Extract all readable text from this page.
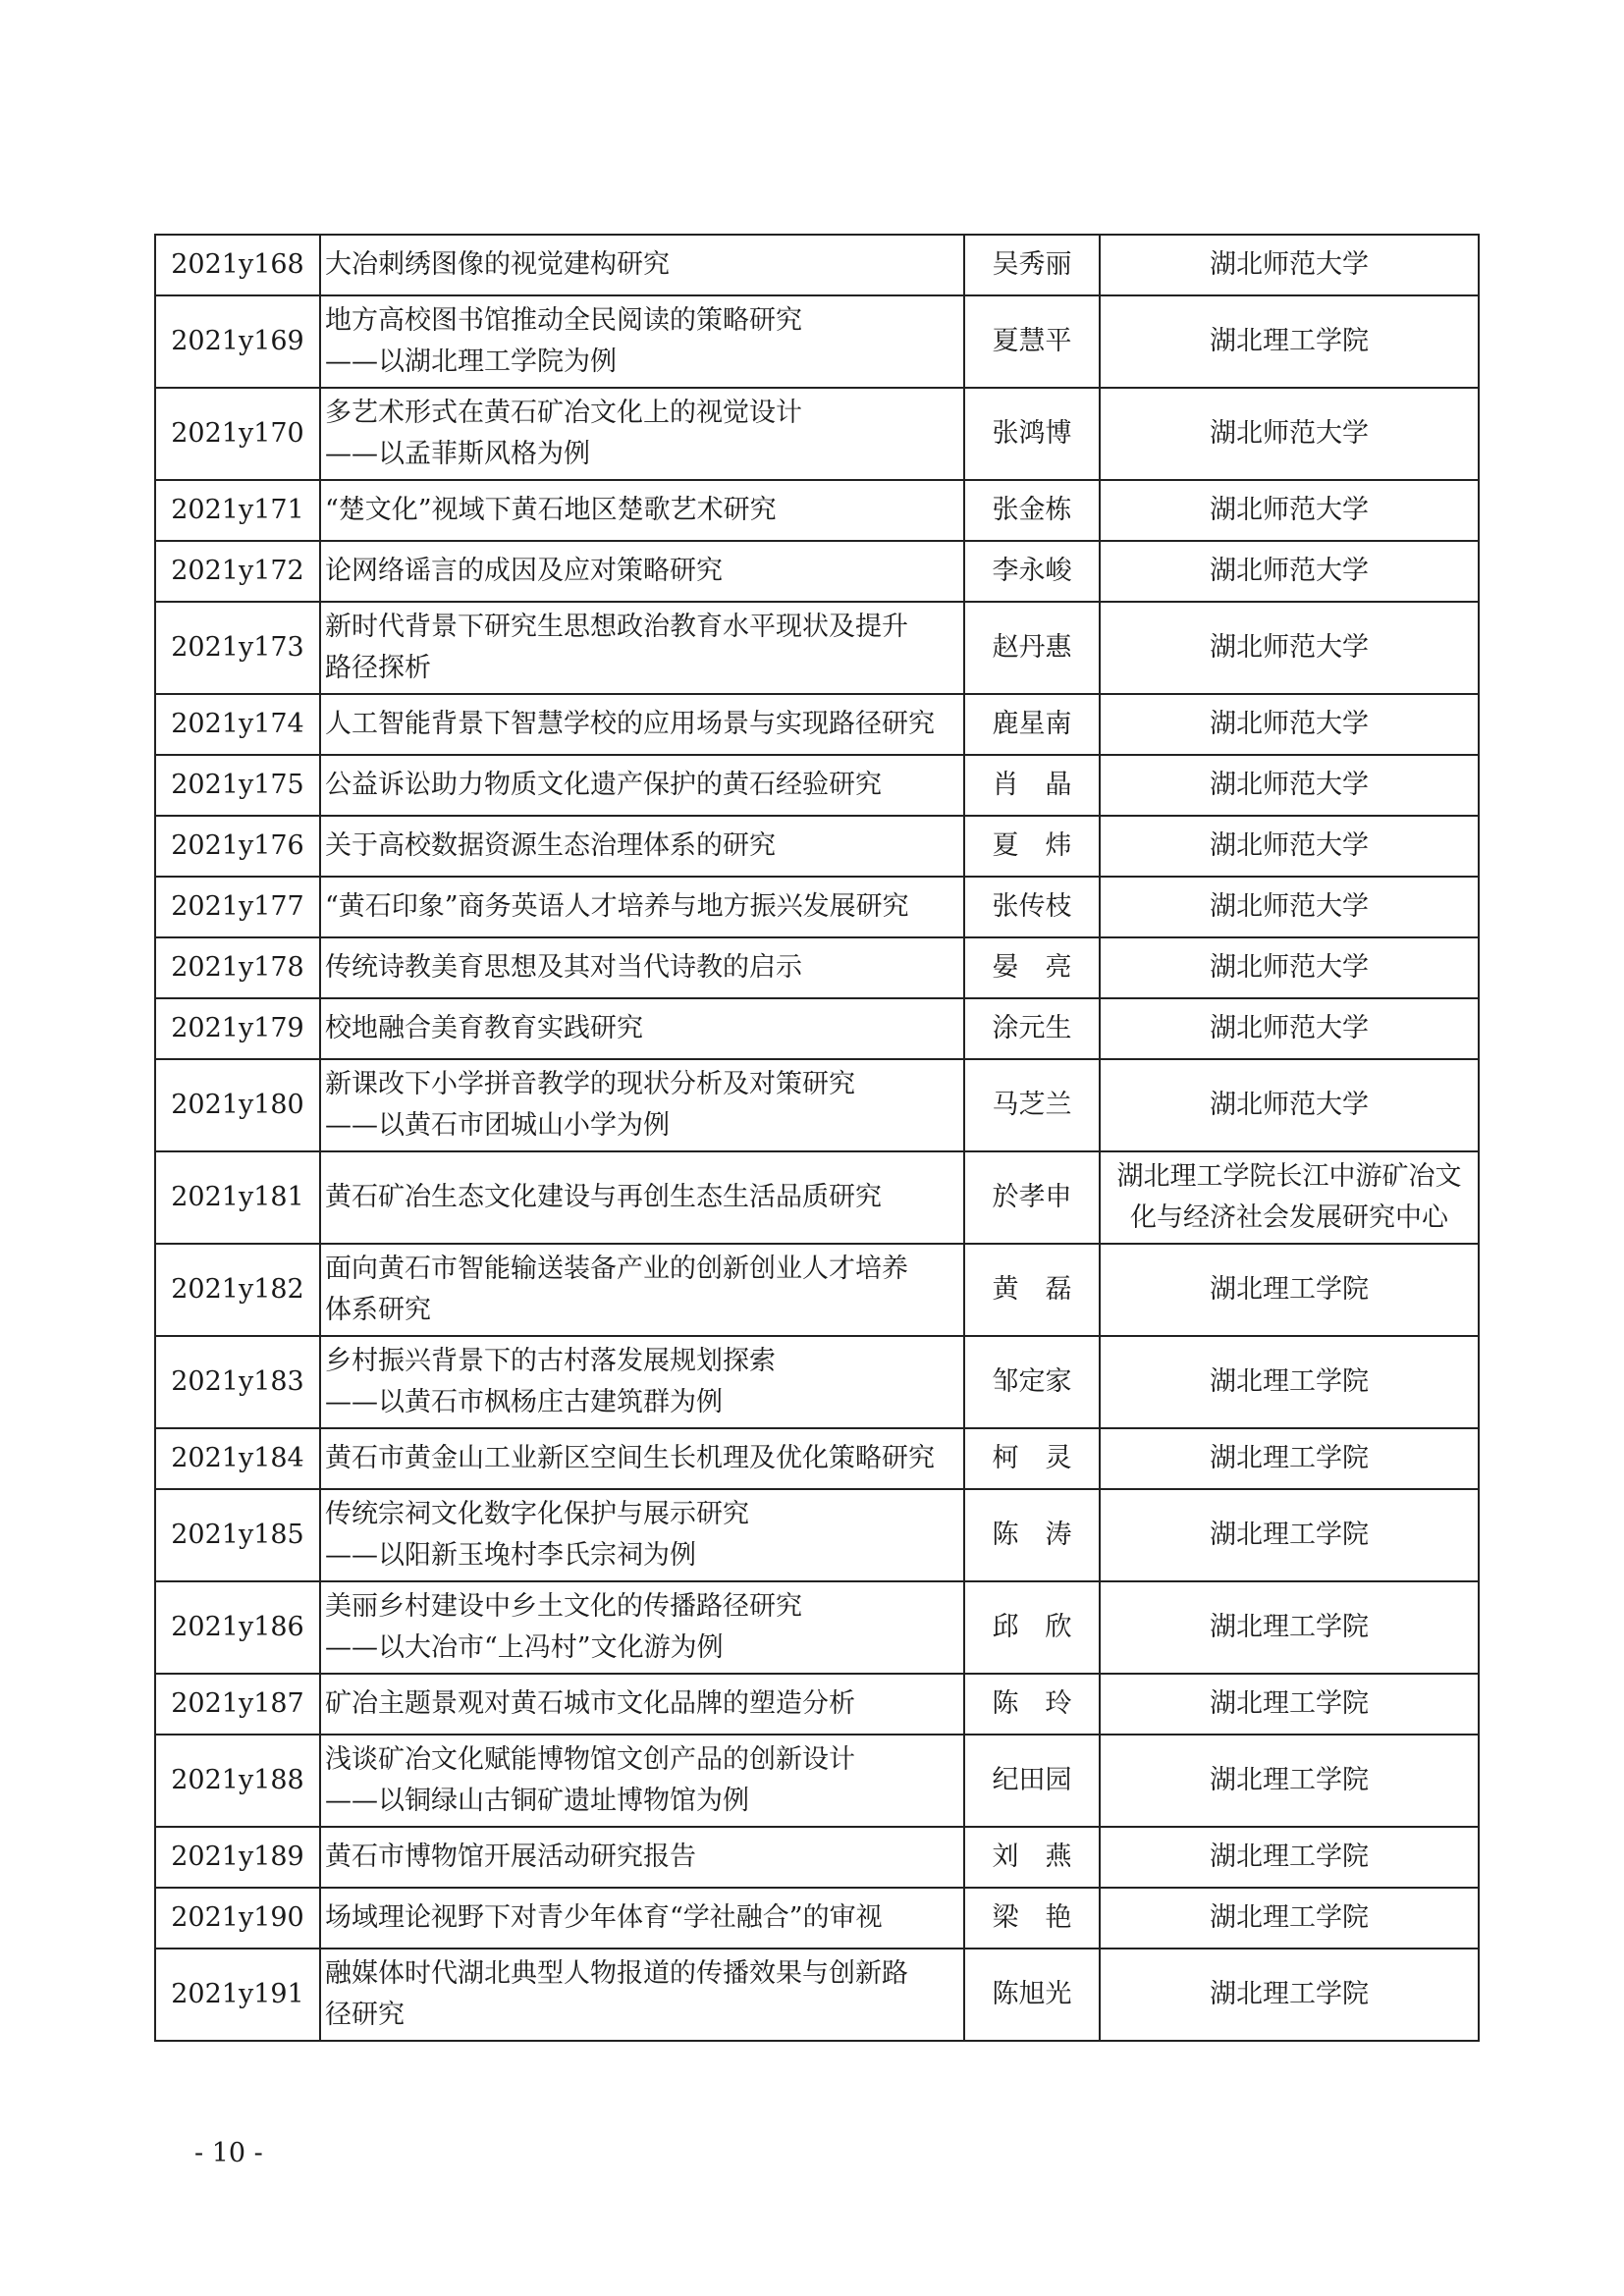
2021y168	大冶刺绣图像的视觉建构研究	吴秀丽	湖北师范大学

2021y169	地方高校图书馆推动全民阅读的策略研究
——以湖北理工学院为例	夏慧平	湖北理工学院

2021y170	多艺术形式在黄石矿冶文化上的视觉设计
——以孟菲斯风格为例	张鸿博	湖北师范大学

2021y171	“楚文化”视域下黄石地区楚歌艺术研究	张金栋	湖北师范大学

2021y172	论网络谣言的成因及应对策略研究	李永峻	湖北师范大学

2021y173	新时代背景下研究生思想政治教育水平现状及提升
路径探析	赵丹惠	湖北师范大学

2021y174	人工智能背景下智慧学校的应用场景与实现路径研究	鹿星南	湖北师范大学

2021y175	公益诉讼助力物质文化遗产保护的黄石经验研究	肖　晶	湖北师范大学

2021y176	关于高校数据资源生态治理体系的研究	夏　炜	湖北师范大学

2021y177	“黄石印象”商务英语人才培养与地方振兴发展研究	张传枝	湖北师范大学

2021y178	传统诗教美育思想及其对当代诗教的启示	晏　亮	湖北师范大学

2021y179	校地融合美育教育实践研究	涂元生	湖北师范大学

2021y180	新课改下小学拼音教学的现状分析及对策研究
——以黄石市团城山小学为例	马芝兰	湖北师范大学

2021y181	黄石矿冶生态文化建设与再创生态生活品质研究	於孝申	湖北理工学院长江中游矿冶文
化与经济社会发展研究中心

2021y182	面向黄石市智能输送装备产业的创新创业人才培养
体系研究	黄　磊	湖北理工学院

2021y183	乡村振兴背景下的古村落发展规划探索
——以黄石市枫杨庄古建筑群为例	邹定家	湖北理工学院

2021y184	黄石市黄金山工业新区空间生长机理及优化策略研究	柯　灵	湖北理工学院

2021y185	传统宗祠文化数字化保护与展示研究
——以阳新玉堍村李氏宗祠为例	陈　涛	湖北理工学院

2021y186	美丽乡村建设中乡土文化的传播路径研究
——以大冶市“上冯村”文化游为例	邱　欣	湖北理工学院

2021y187	矿冶主题景观对黄石城市文化品牌的塑造分析	陈　玲	湖北理工学院

2021y188	浅谈矿冶文化赋能博物馆文创产品的创新设计
——以铜绿山古铜矿遗址博物馆为例	纪田园	湖北理工学院

2021y189	黄石市博物馆开展活动研究报告	刘　燕	湖北理工学院

2021y190	场域理论视野下对青少年体育“学社融合”的审视	梁　艳	湖北理工学院

2021y191	融媒体时代湖北典型人物报道的传播效果与创新路
径研究	陈旭光	湖北理工学院
- 10 -
